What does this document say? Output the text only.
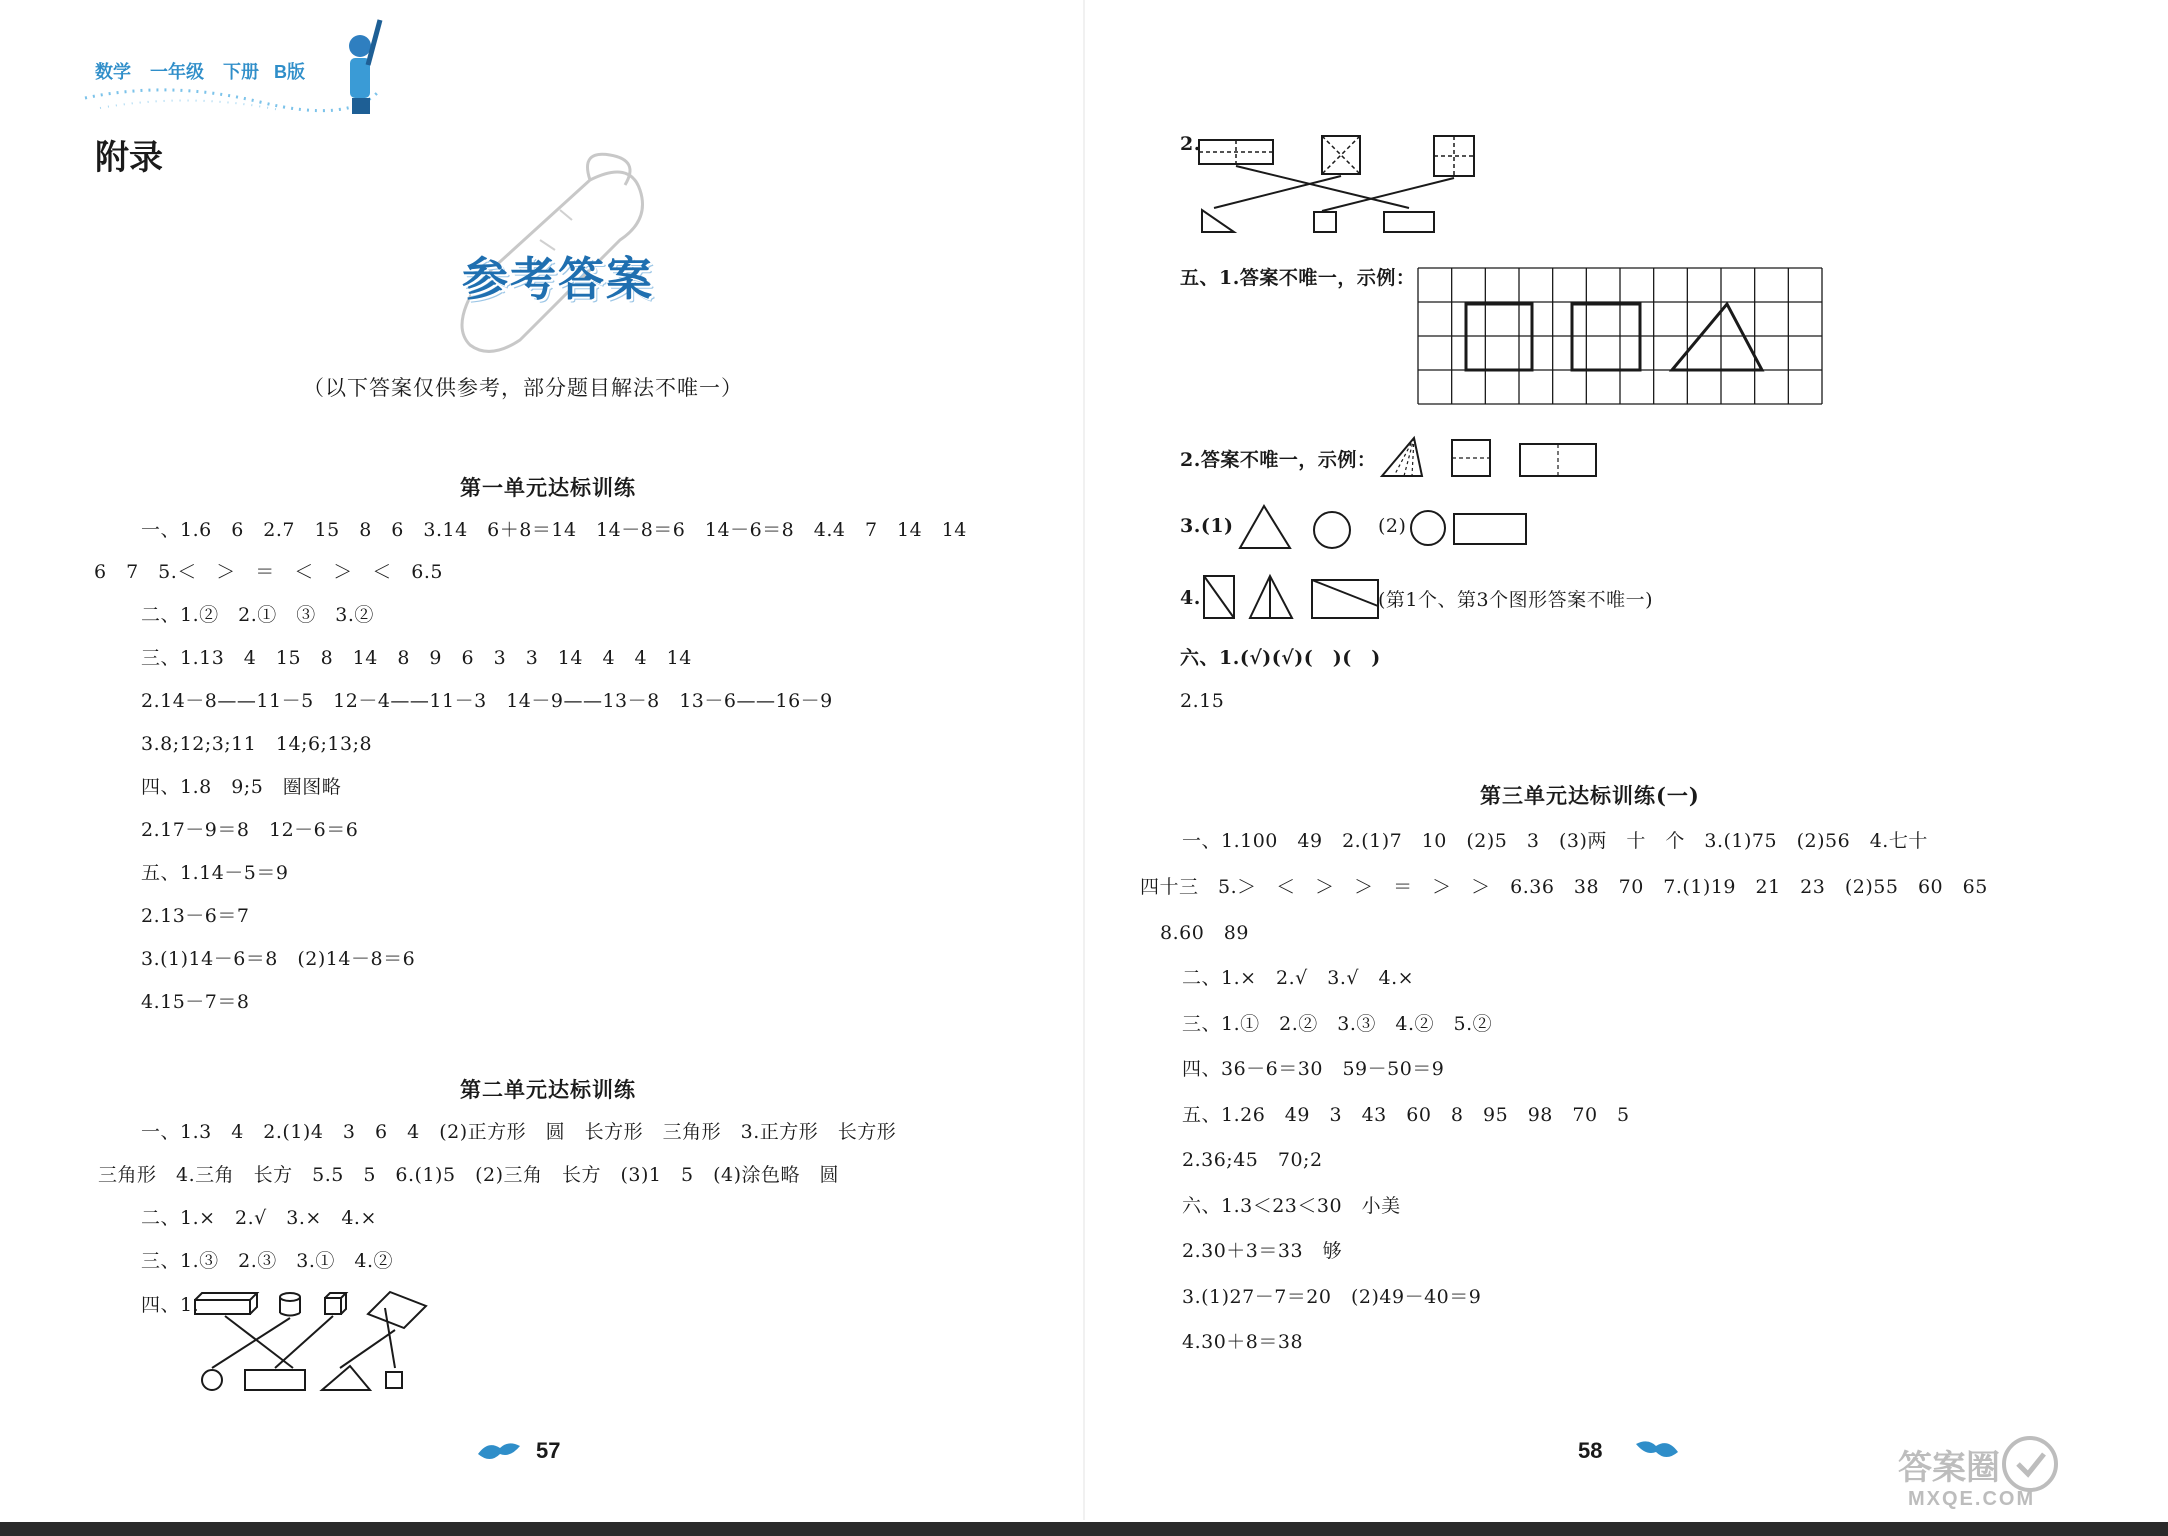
数学 一年级 下册 B版
附录
参考答案
（以下答案仅供参考，部分题目解法不唯一）
第一单元达标训练
一、1.6　6　2.7　15　8　6　3.14　6＋8＝14　14－8＝6　14－6＝8　4.4　7　14　14
6　7　5.＜　＞　＝　＜　＞　＜　6.5
二、1.②　2.①　③　3.②
三、1.13　4　15　8　14　8　9　6　3　3　14　4　4　14
2.14－8——11－5　12－4——11－3　14－9——13－8　13－6——16－9
3.8;12;3;11　14;6;13;8
四、1.8　9;5　圈图略
2.17－9＝8　12－6＝6
五、1.14－5＝9
2.13－6＝7
3.(1)14－6＝8　(2)14－8＝6
4.15－7＝8
第二单元达标训练
一、1.3　4　2.(1)4　3　6　4　(2)正方形　圆　长方形　三角形　3.正方形　长方形
三角形　4.三角　长方　5.5　5　6.(1)5　(2)三角　长方　(3)1　5　(4)涂色略　圆
二、1.×　2.√　3.×　4.×
三、1.③　2.③　3.①　4.②
四、1.
57
2.
五、1.答案不唯一，示例：
2.答案不唯一，示例：
3.(1)	(2)
4.	(第1个、第3个图形答案不唯一)
六、1.(√)(√)(　)(　)
2.15
第三单元达标训练(一)
一、1.100　49　2.(1)7　10　(2)5　3　(3)两　十　个　3.(1)75　(2)56　4.七十
四十三　5.＞　＜　＞　＞　＝　＞　＞　6.36　38　70　7.(1)19　21　23　(2)55　60　65
8.60　89
二、1.×　2.√　3.√　4.×
三、1.①　2.②　3.③　4.②　5.②
四、36－6＝30　59－50＝9
五、1.26　49　3　43　60　8　95　98　70　5
2.36;45　70;2
六、1.3＜23＜30　小美
2.30＋3＝33　够
3.(1)27－7＝20　(2)49－40＝9
4.30＋8＝38
58	答案圈
MXQE.COM
